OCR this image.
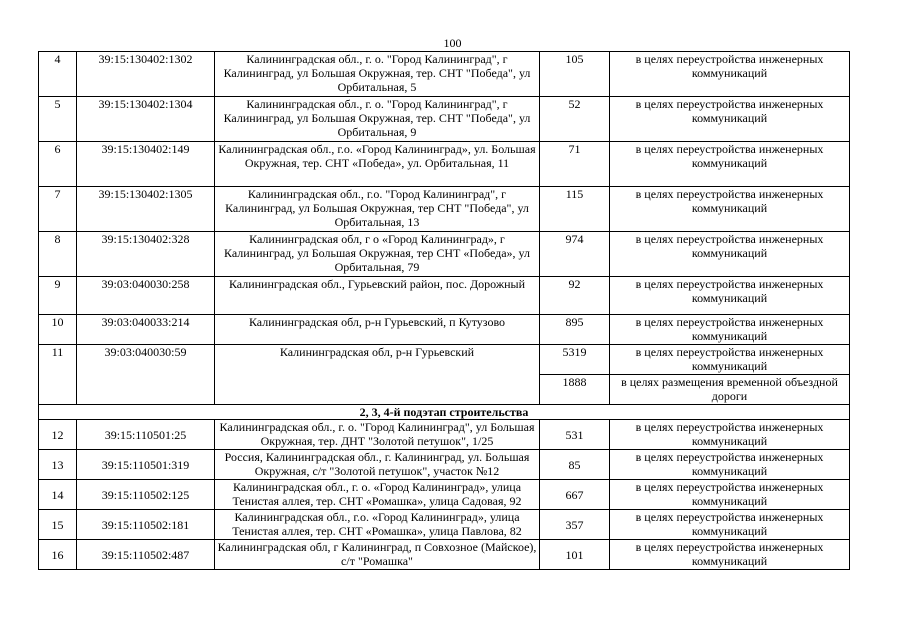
100
4	39:15:130402:1302	Калининградская обл., г. о. "Город Калининград", г Калининград, ул Большая Окружная, тер. СНТ "Победа", ул Орбитальная, 5	105	в целях переустройства инженерных коммуникаций
5	39:15:130402:1304	Калининградская обл., г. о. "Город Калининград", г Калининград, ул Большая Окружная, тер. СНТ "Победа", ул Орбитальная, 9	52	в целях переустройства инженерных коммуникаций
6	39:15:130402:149	Калининградская обл., г.о. «Город Калининград», ул. Большая Окружная, тер. СНТ «Победа», ул. Орбитальная, 11	71	в целях переустройства инженерных коммуникаций
7	39:15:130402:1305	Калининградская обл., г.о. "Город Калининград", г Калининград, ул Большая Окружная, тер СНТ "Победа", ул Орбитальная, 13	115	в целях переустройства инженерных коммуникаций
8	39:15:130402:328	Калининградская обл, г о «Город Калининград», г Калининград, ул Большая Окружная, тер СНТ «Победа», ул Орбитальная, 79	974	в целях переустройства инженерных коммуникаций
9	39:03:040030:258	Калининградская обл., Гурьевский район, пос. Дорожный	92	в целях переустройства инженерных коммуникаций
10	39:03:040033:214	Калининградская обл, р-н Гурьевский, п Кутузово	895	в целях переустройства инженерных коммуникаций
11	39:03:040030:59	Калининградская обл, р-н Гурьевский	5319	в целях переустройства инженерных коммуникаций
			1888	в целях размещения временной объездной дороги
2, 3, 4-й подэтап строительства				
12	39:15:110501:25	Калининградская обл., г. о. "Город Калининград", ул Большая Окружная, тер. ДНТ "Золотой петушок", 1/25	531	в целях переустройства инженерных коммуникаций
13	39:15:110501:319	Россия, Калининградская обл., г. Калининград, ул. Большая Окружная, с/т "Золотой петушок", участок №12	85	в целях переустройства инженерных коммуникаций
14	39:15:110502:125	Калининградская обл., г. о. «Город Калининград», улица Тенистая аллея, тер. СНТ «Ромашка», улица Садовая, 92	667	в целях переустройства инженерных коммуникаций
15	39:15:110502:181	Калининградская обл., г.о. «Город Калининград», улица Тенистая аллея, тер. СНТ «Ромашка», улица Павлова, 82	357	в целях переустройства инженерных коммуникаций
16	39:15:110502:487	Калининградская обл, г Калининград, п Совхозное (Майское), с/т "Ромашка"	101	в целях переустройства инженерных коммуникаций
